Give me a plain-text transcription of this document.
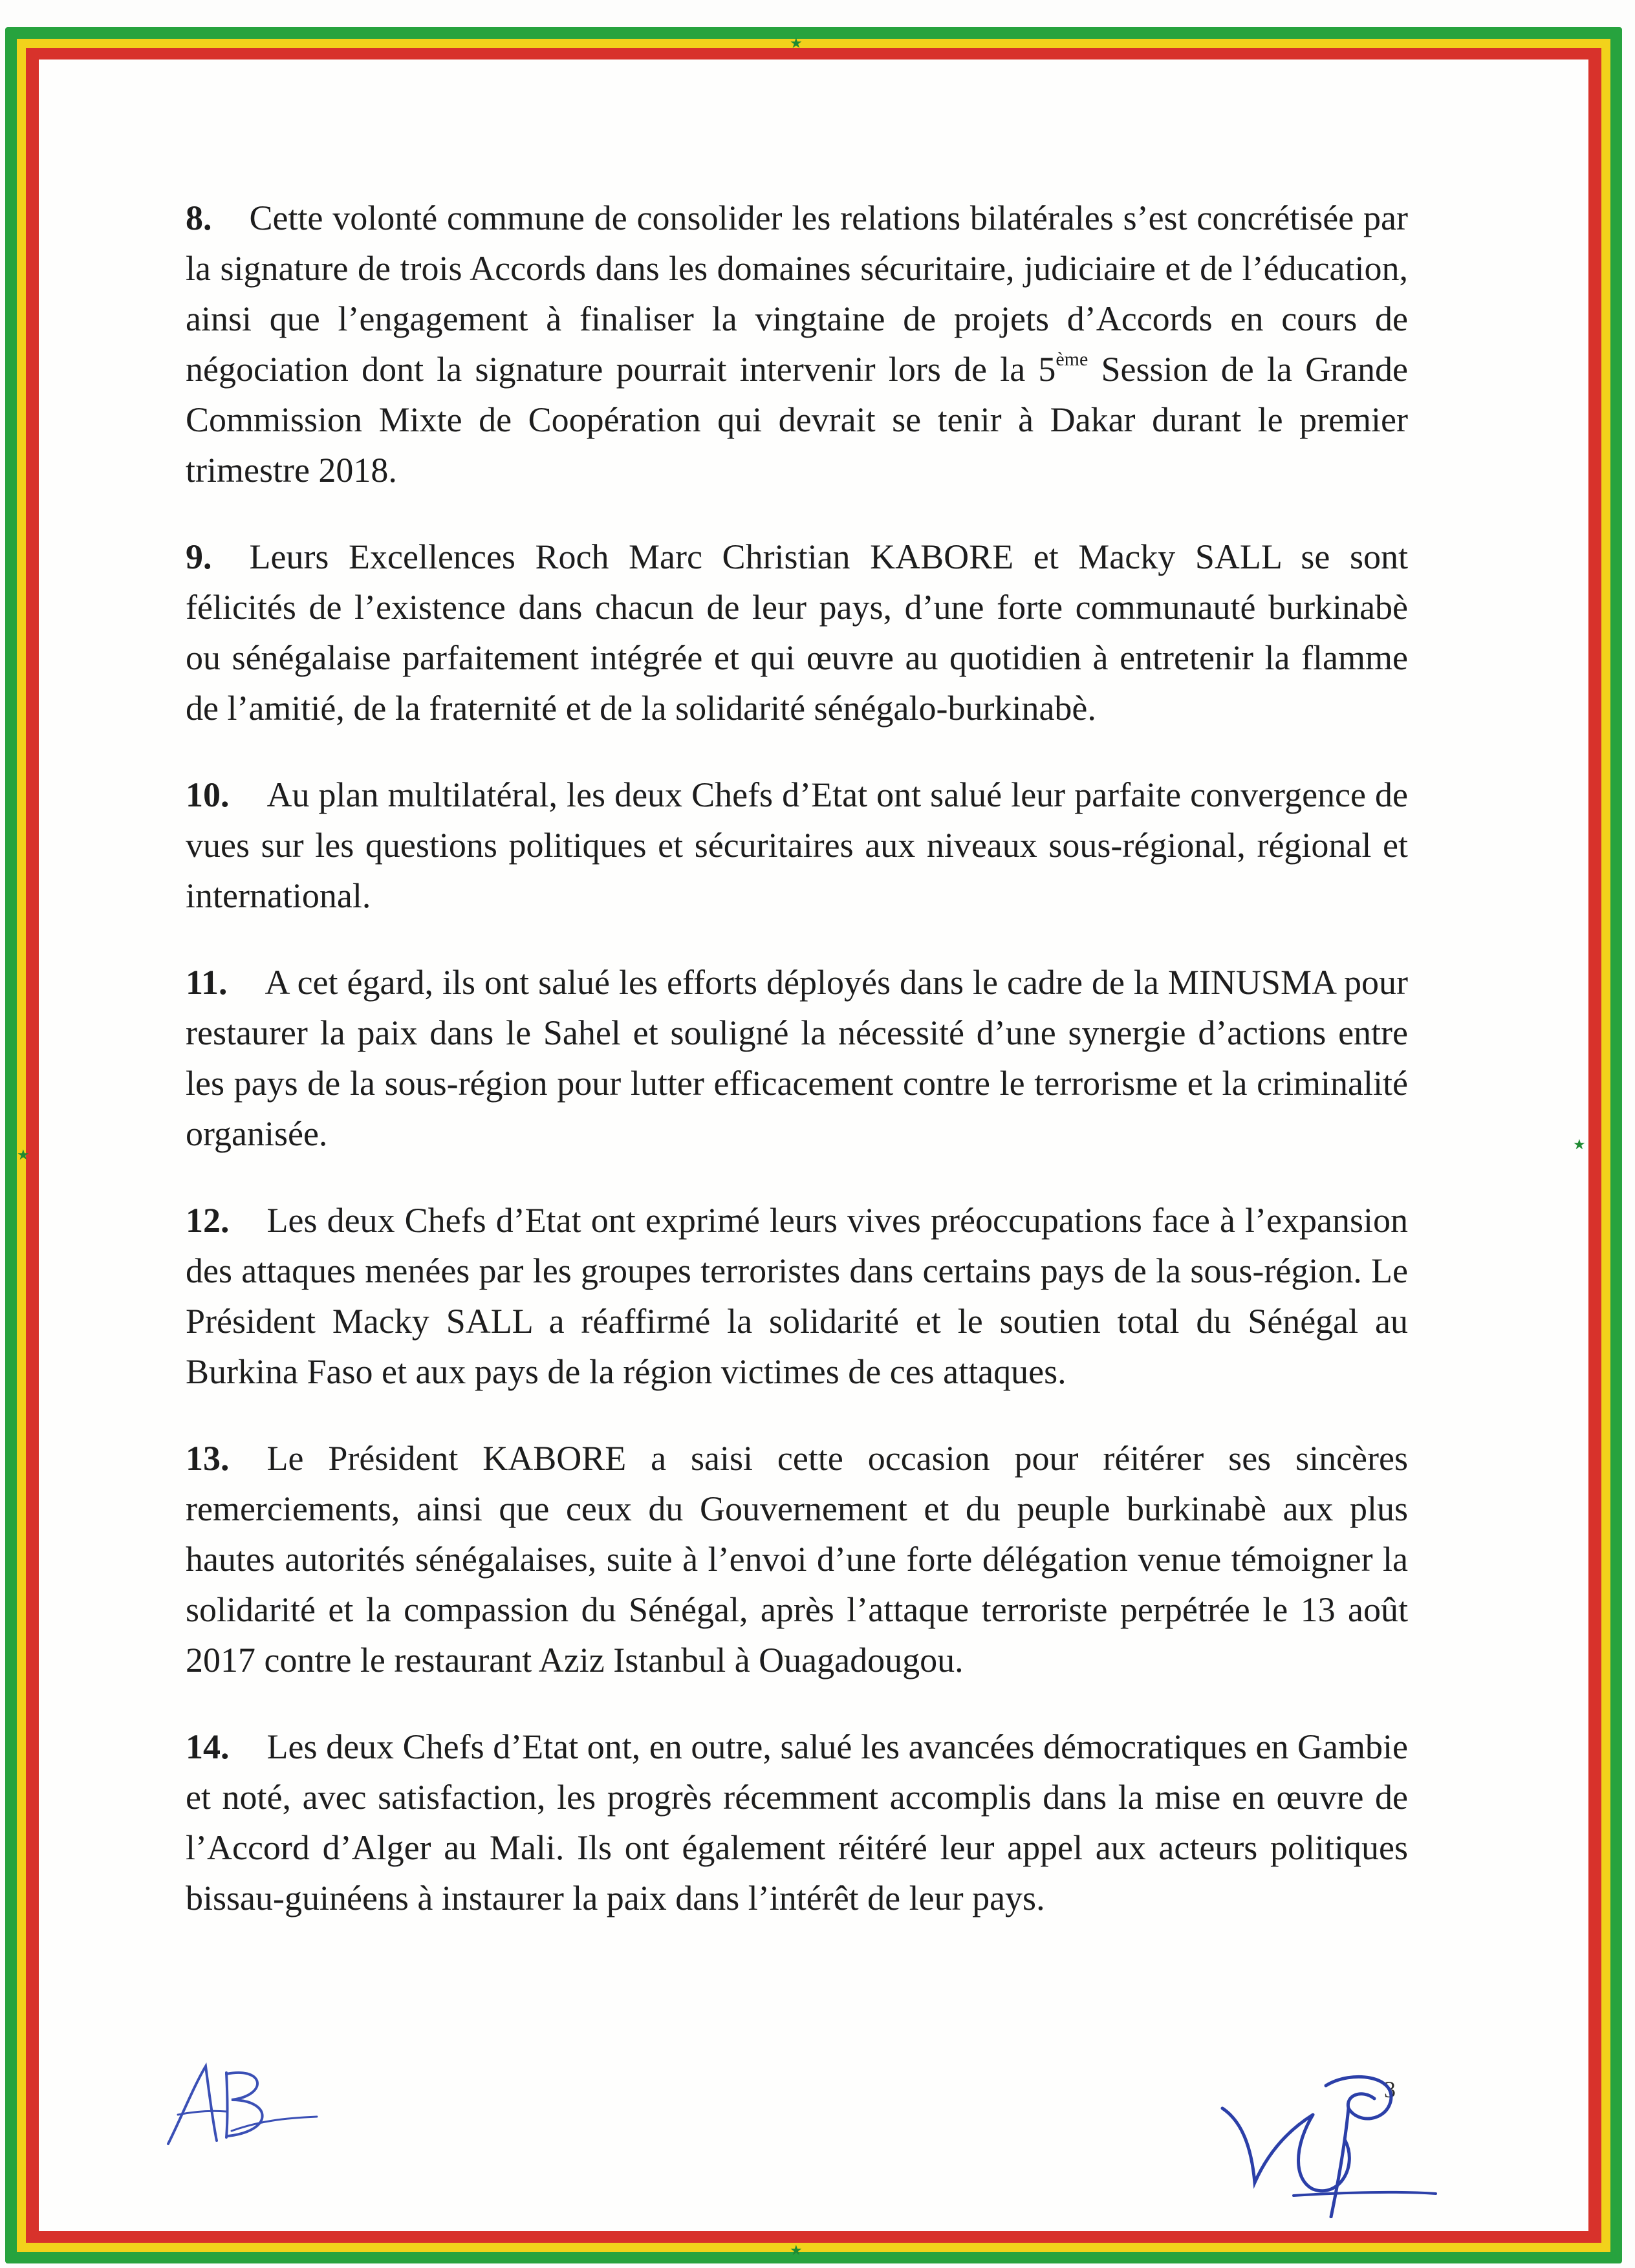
★
★
★
★

8. Cette volonté commune de consolider les relations bilatérales s’est concrétisée par la signature de trois Accords dans les domaines sécuritaire, judiciaire et de l’éducation, ainsi que l’engagement à finaliser la vingtaine de projets d’Accords en cours de négociation dont la signature pourrait intervenir lors de la 5ème Session de la Grande Commission Mixte de Coopération qui devrait se tenir à Dakar durant le premier trimestre 2018.

9. Leurs Excellences Roch Marc Christian KABORE et Macky SALL se sont félicités de l’existence dans chacun de leur pays, d’une forte communauté burkinabè ou sénégalaise parfaitement intégrée et qui œuvre au quotidien à entretenir la flamme de l’amitié, de la fraternité et de la solidarité sénégalo-burkinabè.

10. Au plan multilatéral, les deux Chefs d’Etat ont salué leur parfaite convergence de vues sur les questions politiques et sécuritaires aux niveaux sous-régional, régional et international.

11. A cet égard, ils ont salué les efforts déployés dans le cadre de la MINUSMA pour restaurer la paix dans le Sahel et souligné la nécessité d’une synergie d’actions entre les pays de la sous-région pour lutter efficacement contre le terrorisme et la criminalité organisée.

12. Les deux Chefs d’Etat ont exprimé leurs vives préoccupations face à l’expansion des attaques menées par les groupes terroristes dans certains pays de la sous-région. Le Président Macky SALL a réaffirmé la solidarité et le soutien total du Sénégal au Burkina Faso et aux pays de la région victimes de ces attaques.

13. Le Président KABORE a saisi cette occasion pour réitérer ses sincères remerciements, ainsi que ceux du Gouvernement et du peuple burkinabè aux plus hautes autorités sénégalaises, suite à l’envoi d’une forte délégation venue témoigner la solidarité et la compassion du Sénégal, après l’attaque terroriste perpétrée le 13 août 2017 contre le restaurant Aziz Istanbul à Ouagadougou.

14. Les deux Chefs d’Etat ont, en outre, salué les avancées démocratiques en Gambie et noté, avec satisfaction, les progrès récemment accomplis dans la mise en œuvre de l’Accord d’Alger au Mali. Ils ont également réitéré leur appel aux acteurs politiques bissau-guinéens à instaurer la paix dans l’intérêt de leur pays.

3
